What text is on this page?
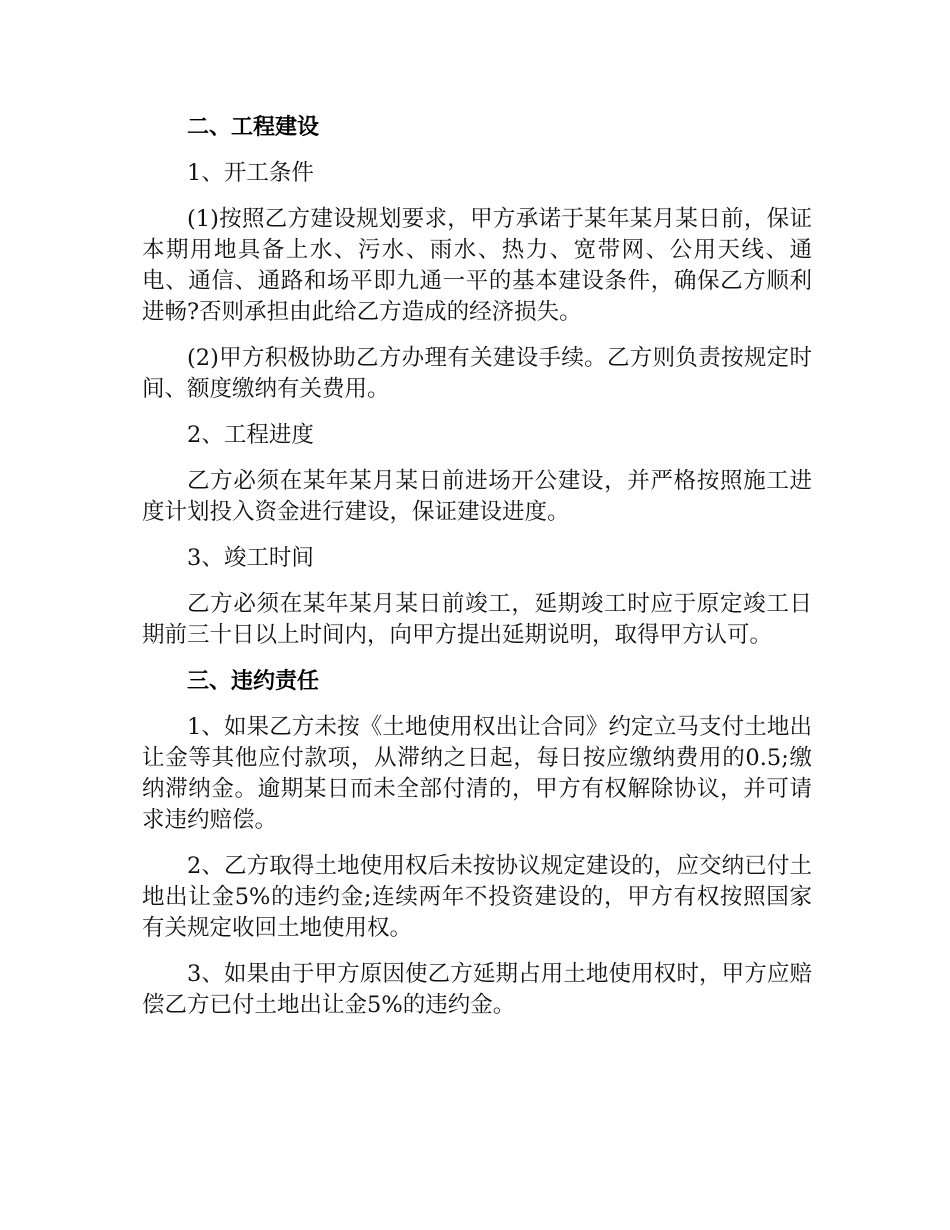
二、工程建设
1、开工条件
(1)按照乙方建设规划要求，甲方承诺于某年某月某日前，保证本期用地具备上水、污水、雨水、热力、宽带网、公用天线、通电、通信、通路和场平即九通一平的基本建设条件，确保乙方顺利进畅?否则承担由此给乙方造成的经济损失。
(2)甲方积极协助乙方办理有关建设手续。乙方则负责按规定时间、额度缴纳有关费用。
2、工程进度
乙方必须在某年某月某日前进场开公建设，并严格按照施工进度计划投入资金进行建设，保证建设进度。
3、竣工时间
乙方必须在某年某月某日前竣工，延期竣工时应于原定竣工日期前三十日以上时间内，向甲方提出延期说明，取得甲方认可。
三、违约责任
1、如果乙方未按《土地使用权出让合同》约定立马支付土地出让金等其他应付款项，从滞纳之日起，每日按应缴纳费用的0.5;缴纳滞纳金。逾期某日而未全部付清的，甲方有权解除协议，并可请求违约赔偿。
2、乙方取得土地使用权后未按协议规定建设的，应交纳已付土地出让金5%的违约金;连续两年不投资建设的，甲方有权按照国家有关规定收回土地使用权。
3、如果由于甲方原因使乙方延期占用土地使用权时，甲方应赔偿乙方已付土地出让金5%的违约金。
